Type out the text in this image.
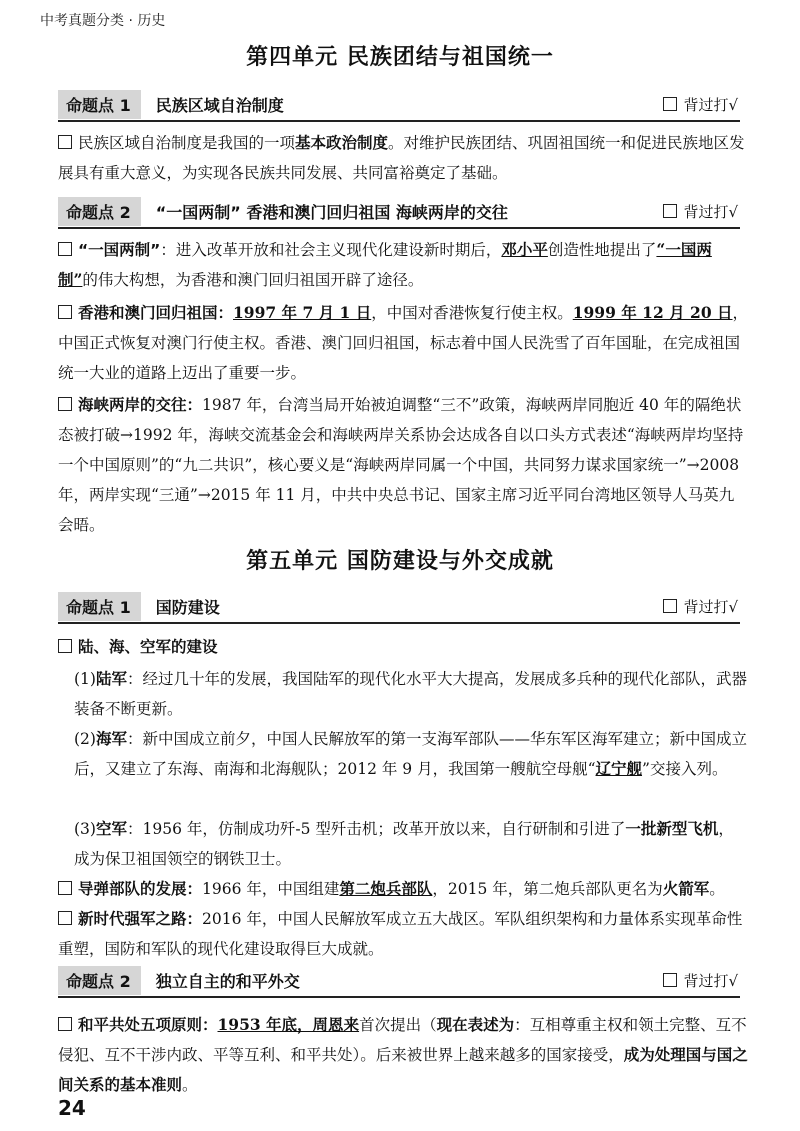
中考真题分类 · 历史
第四单元 民族团结与祖国统一
命题点 1	民族区域自治制度	背过打√
民族区域自治制度是我国的一项基本政治制度。对维护民族团结、巩固祖国统一和促进民族地区发展具有重大意义，为实现各民族共同发展、共同富裕奠定了基础。
命题点 2	“一国两制” 香港和澳门回归祖国 海峡两岸的交往	背过打√
“一国两制”：进入改革开放和社会主义现代化建设新时期后，邓小平创造性地提出了“一国两制”的伟大构想，为香港和澳门回归祖国开辟了途径。
香港和澳门回归祖国：1997 年 7 月 1 日，中国对香港恢复行使主权。1999 年 12 月 20 日，中国正式恢复对澳门行使主权。香港、澳门回归祖国，标志着中国人民洗雪了百年国耻，在完成祖国统一大业的道路上迈出了重要一步。
海峡两岸的交往：1987 年，台湾当局开始被迫调整“三不”政策，海峡两岸同胞近 40 年的隔绝状态被打破→1992 年，海峡交流基金会和海峡两岸关系协会达成各自以口头方式表述“海峡两岸均坚持一个中国原则”的“九二共识”，核心要义是“海峡两岸同属一个中国，共同努力谋求国家统一”→2008 年，两岸实现“三通”→2015 年 11 月，中共中央总书记、国家主席习近平同台湾地区领导人马英九会晤。
第五单元 国防建设与外交成就
命题点 1	国防建设	背过打√
陆、海、空军的建设
(1)陆军：经过几十年的发展，我国陆军的现代化水平大大提高，发展成多兵种的现代化部队，武器装备不断更新。
(2)海军：新中国成立前夕，中国人民解放军的第一支海军部队——华东军区海军建立；新中国成立后，又建立了东海、南海和北海舰队；2012 年 9 月，我国第一艘航空母舰“辽宁舰”交接入列。
(3)空军：1956 年，仿制成功歼-5 型歼击机；改革开放以来，自行研制和引进了一批新型飞机，成为保卫祖国领空的钢铁卫士。
导弹部队的发展：1966 年，中国组建第二炮兵部队，2015 年，第二炮兵部队更名为火箭军。
新时代强军之路：2016 年，中国人民解放军成立五大战区。军队组织架构和力量体系实现革命性重塑，国防和军队的现代化建设取得巨大成就。
命题点 2	独立自主的和平外交	背过打√
和平共处五项原则：1953 年底，周恩来首次提出（现在表述为：互相尊重主权和领土完整、互不侵犯、互不干涉内政、平等互利、和平共处）。后来被世界上越来越多的国家接受，成为处理国与国之间关系的基本准则。
24
